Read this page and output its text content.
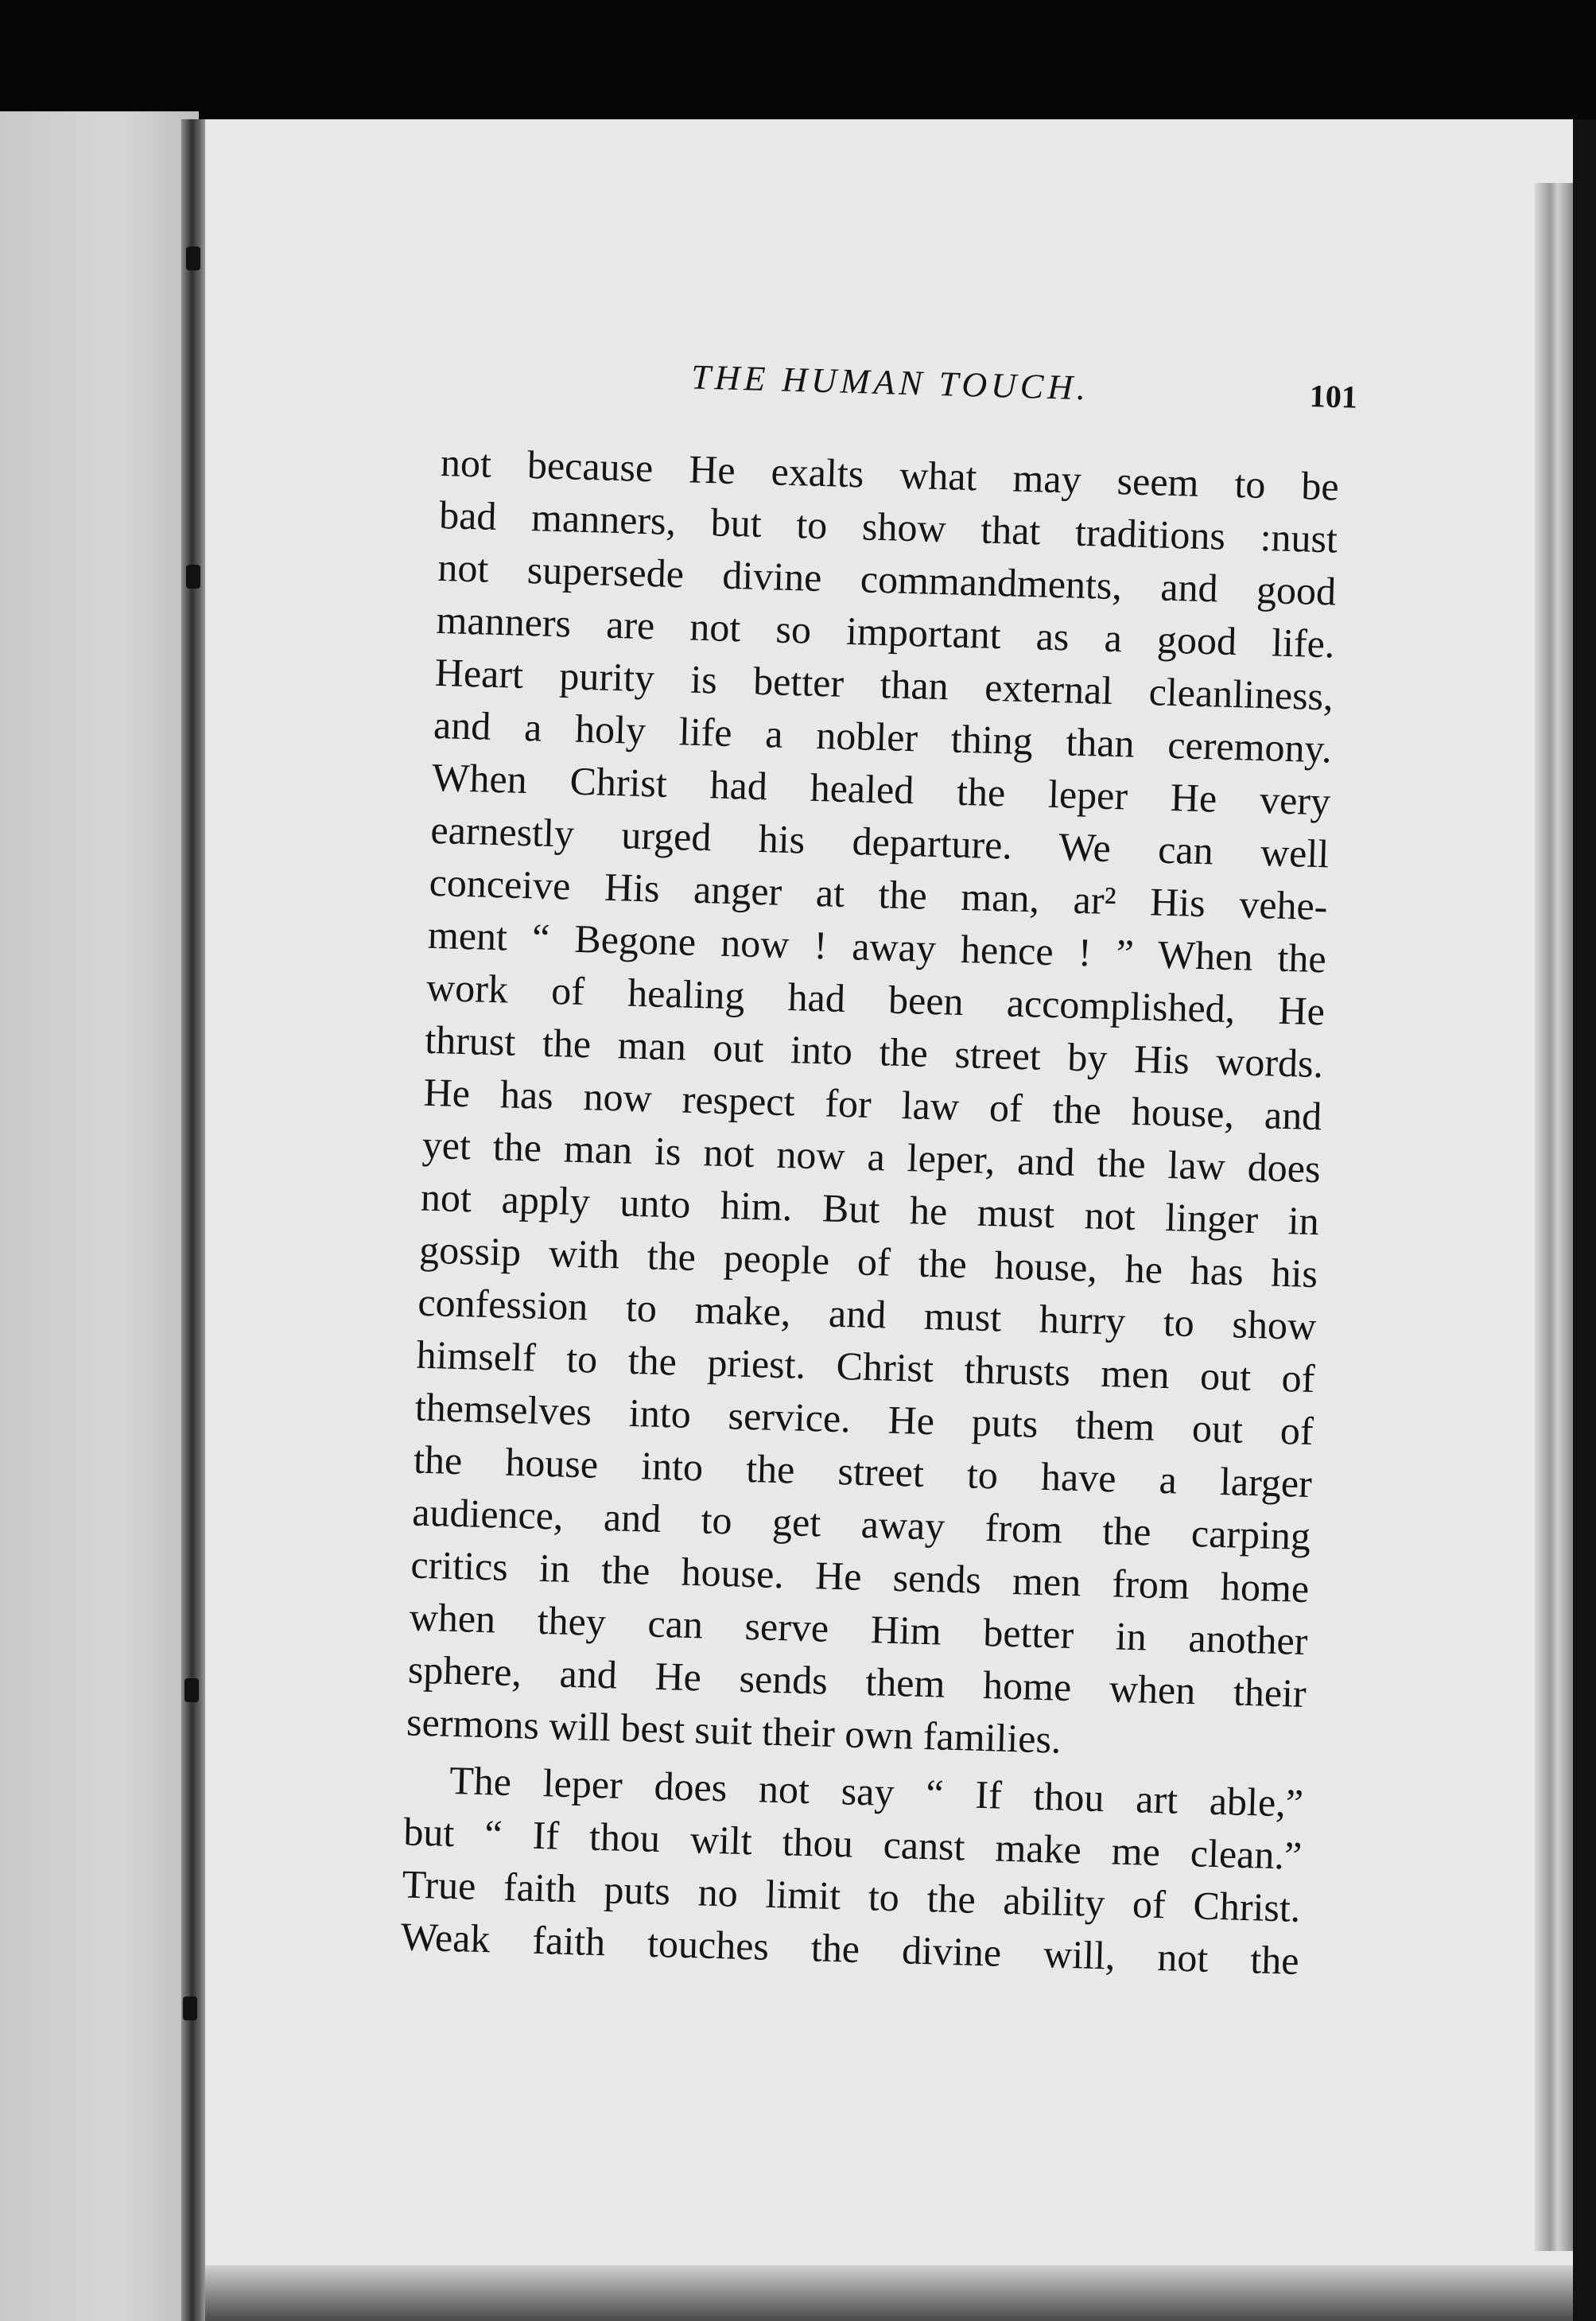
THE HUMAN TOUCH.	101
not because He exalts what may seem to be
bad manners, but to show that traditions :nust
not supersede divine commandments, and good
manners are not so important as a good life.
Heart purity is better than external cleanliness,
and a holy life a nobler thing than ceremony.
When Christ had healed the leper He very
earnestly urged his departure. We can well
conceive His anger at the man, ar² His vehe-
ment “ Begone now ! away hence ! ” When the
work of healing had been accomplished, He
thrust the man out into the street by His words.
He has now respect for law of the house, and
yet the man is not now a leper, and the law does
not apply unto him. But he must not linger in
gossip with the people of the house, he has his
confession to make, and must hurry to show
himself to the priest. Christ thrusts men out of
themselves into service. He puts them out of
the house into the street to have a larger
audience, and to get away from the carping
critics in the house. He sends men from home
when they can serve Him better in another
sphere, and He sends them home when their
sermons will best suit their own families.
The leper does not say “ If thou art able,”
but “ If thou wilt thou canst make me clean.”
True faith puts no limit to the ability of Christ.
Weak faith touches the divine will, not the
